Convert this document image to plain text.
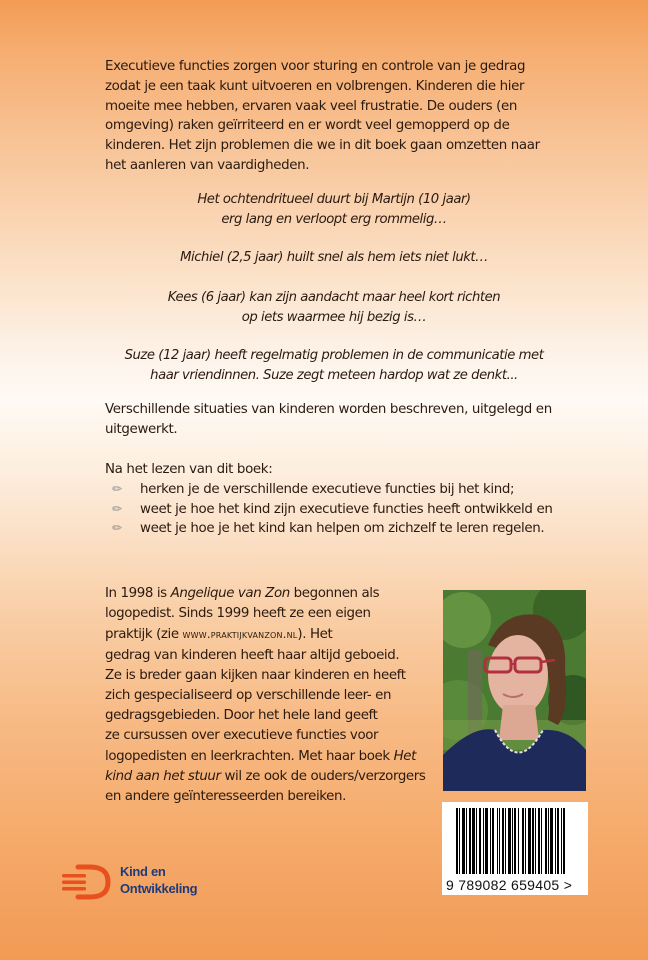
Executieve functies zorgen voor sturing en controle van je gedrag
zodat je een taak kunt uitvoeren en volbrengen. Kinderen die hier
moeite mee hebben, ervaren vaak veel frustratie. De ouders (en
omgeving) raken geïrriteerd en er wordt veel gemopperd op de
kinderen. Het zijn problemen die we in dit boek gaan omzetten naar
het aanleren van vaardigheden.
Het ochtendritueel duurt bij Martijn (10 jaar)
erg lang en verloopt erg rommelig…
Michiel (2,5 jaar) huilt snel als hem iets niet lukt…
Kees (6 jaar) kan zijn aandacht maar heel kort richten
op iets waarmee hij bezig is…
Suze (12 jaar) heeft regelmatig problemen in de communicatie met
haar vriendinnen. Suze zegt meteen hardop wat ze denkt...
Verschillende situaties van kinderen worden beschreven, uitgelegd en
uitgewerkt.
Na het lezen van dit boek:
✏ herken je de verschillende executieve functies bij het kind;
✏ weet je hoe het kind zijn executieve functies heeft ontwikkeld en
✏ weet je hoe je het kind kan helpen om zichzelf te leren regelen.
In 1998 is Angelique van Zon begonnen als
logopedist. Sinds 1999 heeft ze een eigen
praktijk (zie www.praktijkvanzon.nl). Het
gedrag van kinderen heeft haar altijd geboeid.
Ze is breder gaan kijken naar kinderen en heeft
zich gespecialiseerd op verschillende leer- en
gedragsgebieden. Door het hele land geeft
ze cursussen over executieve functies voor
logopedisten en leerkrachten. Met haar boek Het
kind aan het stuur wil ze ook de ouders/verzorgers
en andere geïnteresseerden bereiken.
9 789082 659405 >
Kind en
Ontwikkeling
